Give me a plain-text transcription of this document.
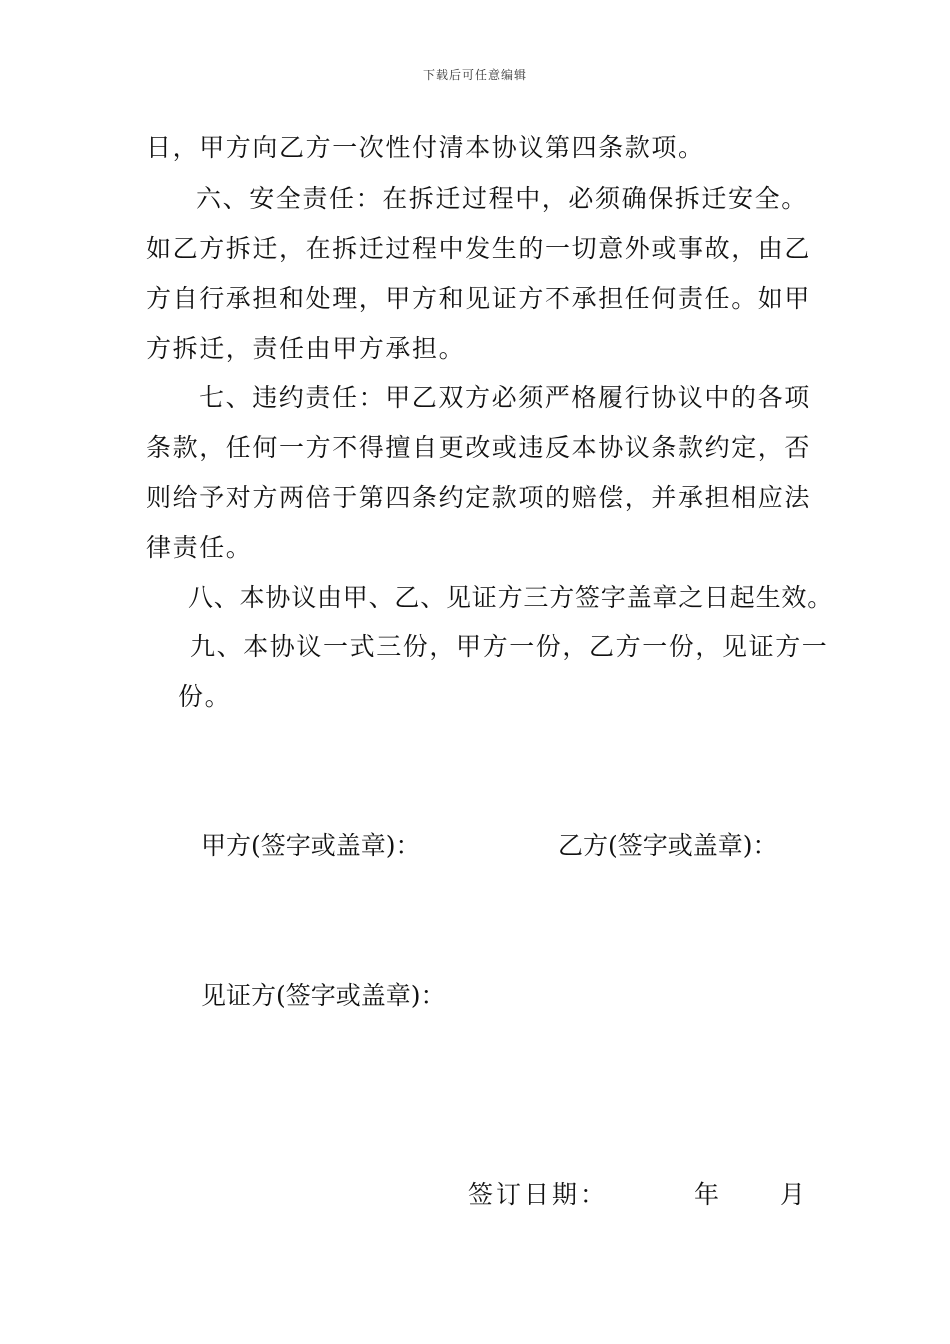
下载后可任意编辑
日，甲方向乙方一次性付清本协议第四条款项。
六、安全责任：在拆迁过程中，必须确保拆迁安全。
如乙方拆迁，在拆迁过程中发生的一切意外或事故，由乙
方自行承担和处理，甲方和见证方不承担任何责任。如甲
方拆迁，责任由甲方承担。
七、违约责任：甲乙双方必须严格履行协议中的各项
条款，任何一方不得擅自更改或违反本协议条款约定，否
则给予对方两倍于第四条约定款项的赔偿，并承担相应法
律责任。
八、本协议由甲、乙、见证方三方签字盖章之日起生效。
九、本协议一式三份，甲方一份，乙方一份，见证方一
份。
甲方(签字或盖章)：	乙方(签字或盖章)：
见证方(签字或盖章)：
签订日期：	年 月
